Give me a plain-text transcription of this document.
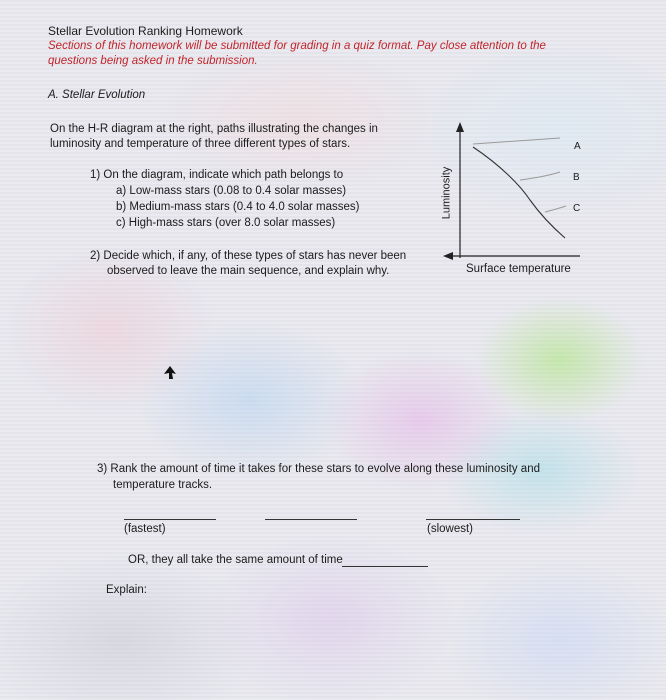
Stellar Evolution Ranking Homework
Sections of this homework will be submitted for grading in a quiz format. Pay close attention to the
questions being asked in the submission.
A. Stellar Evolution
On the H-R diagram at the right, paths illustrating the changes in
luminosity and temperature of three different types of stars.
1) On the diagram, indicate which path belongs to
a) Low-mass stars (0.08 to 0.4 solar masses)
b) Medium-mass stars (0.4 to 4.0 solar masses)
c) High-mass stars (over 8.0 solar masses)
2) Decide which, if any, of these types of stars has never been
observed to leave the main sequence, and explain why.
Luminosity
Surface temperature
A
B
C
3) Rank the amount of time it takes for these stars to evolve along these luminosity and
temperature tracks.
(fastest)	(slowest)
OR, they all take the same amount of time
Explain:
